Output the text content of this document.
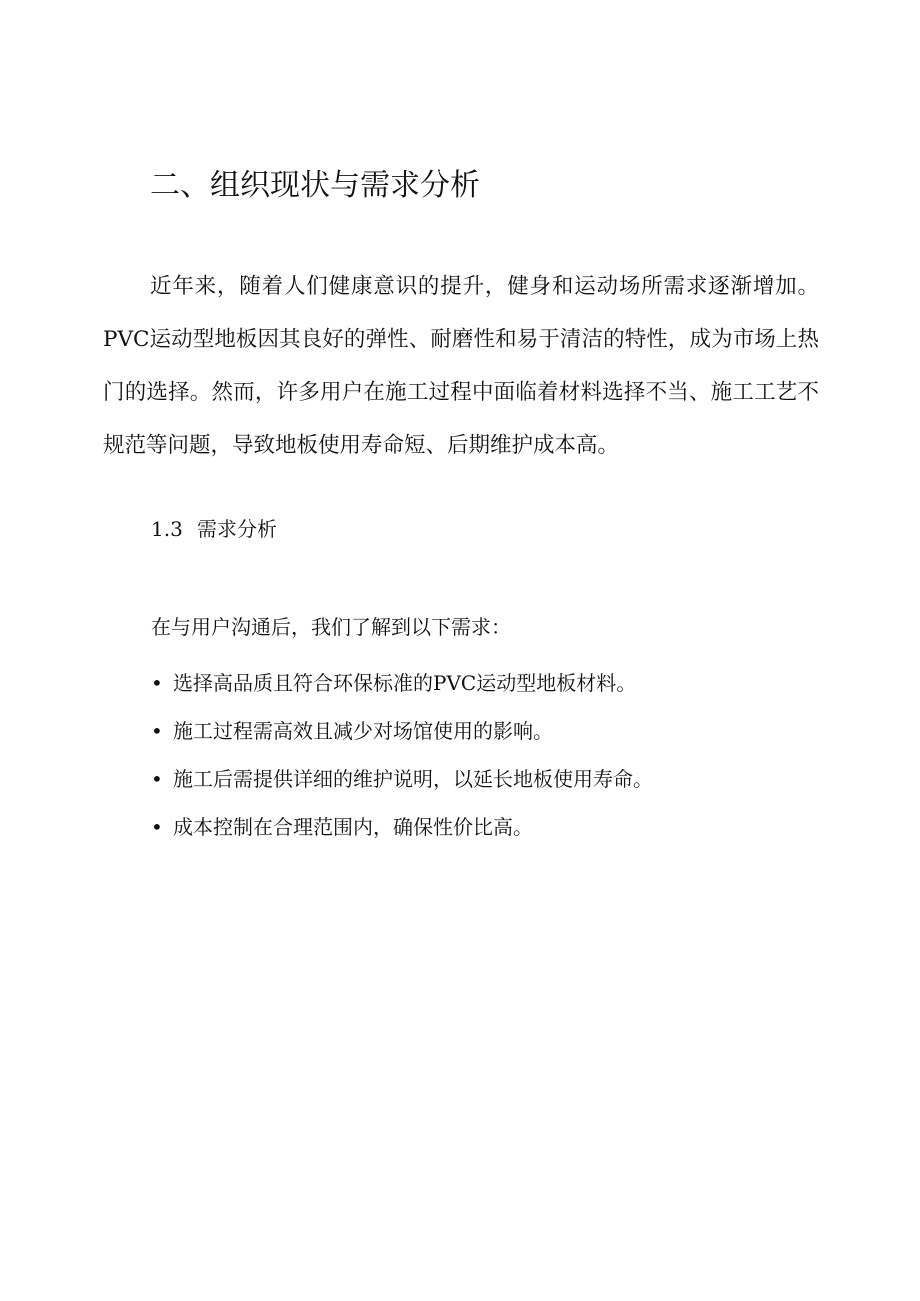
二、组织现状与需求分析

近年来，随着人们健康意识的提升，健身和运动场所需求逐渐增加。PVC运动型地板因其良好的弹性、耐磨性和易于清洁的特性，成为市场上热门的选择。然而，许多用户在施工过程中面临着材料选择不当、施工工艺不规范等问题，导致地板使用寿命短、后期维护成本高。

1.3 需求分析

在与用户沟通后，我们了解到以下需求：

• 选择高品质且符合环保标准的PVC运动型地板材料。
• 施工过程需高效且减少对场馆使用的影响。
• 施工后需提供详细的维护说明，以延长地板使用寿命。
• 成本控制在合理范围内，确保性价比高。
